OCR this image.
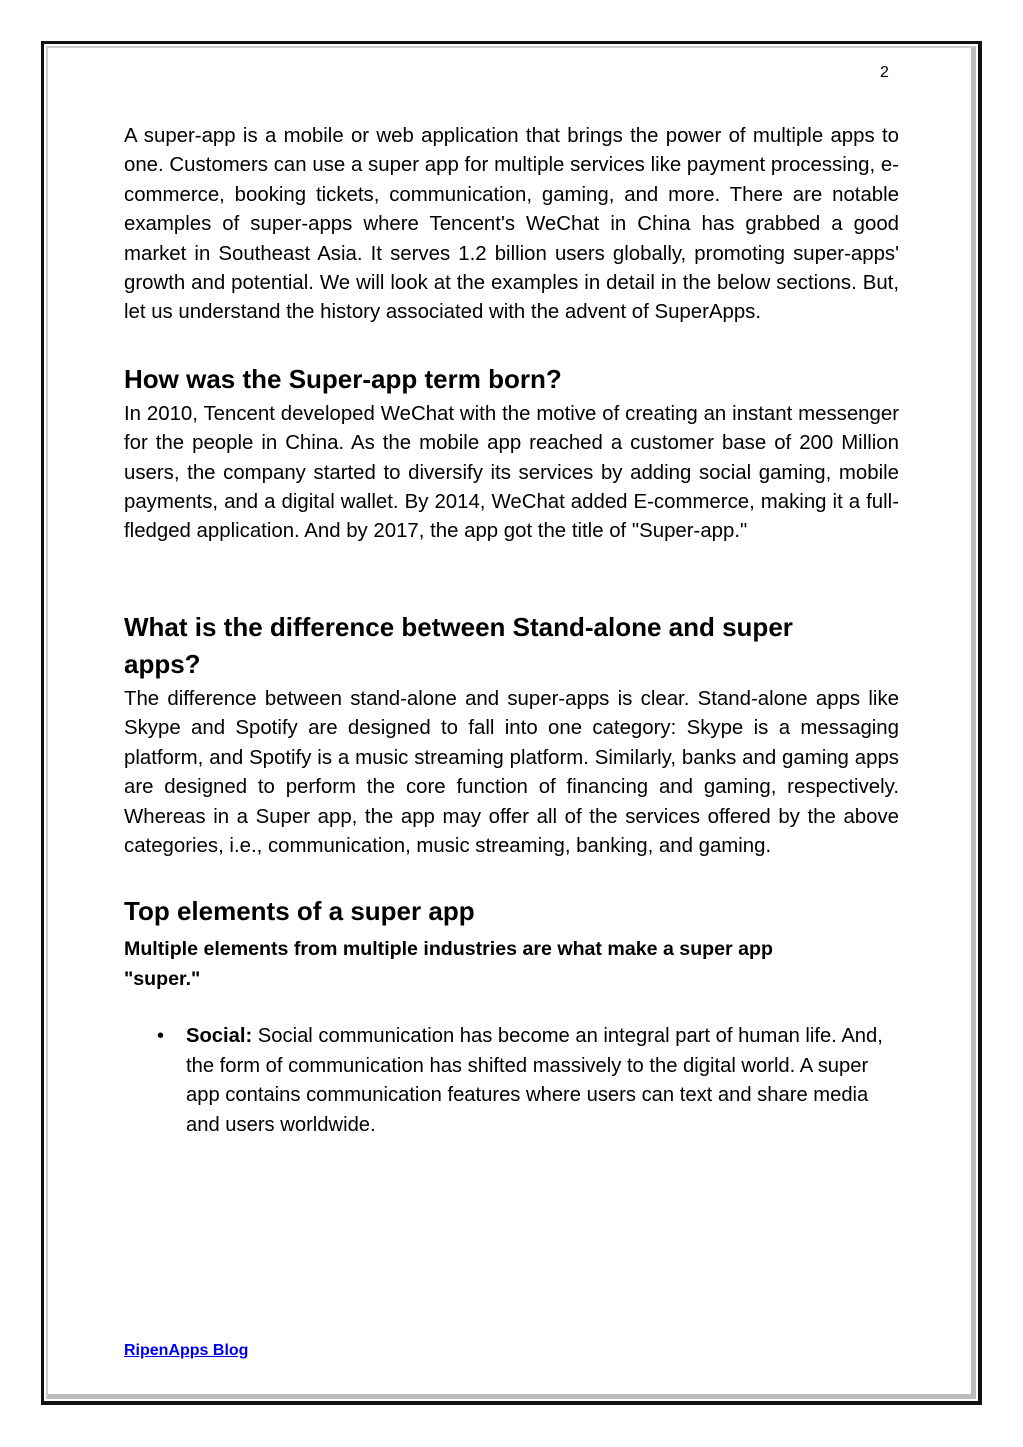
2

A super-app is a mobile or web application that brings the power of multiple apps to one. Customers can use a super app for multiple services like payment processing, e-commerce, booking tickets, communication, gaming, and more. There are notable examples of super-apps where Tencent's WeChat in China has grabbed a good market in Southeast Asia. It serves 1.2 billion users globally, promoting super-apps' growth and potential. We will look at the examples in detail in the below sections. But, let us understand the history associated with the advent of SuperApps.

How was the Super-app term born?

In 2010, Tencent developed WeChat with the motive of creating an instant messenger for the people in China. As the mobile app reached a customer base of 200 Million users, the company started to diversify its services by adding social gaming, mobile payments, and a digital wallet. By 2014, WeChat added E-commerce, making it a full-fledged application. And by 2017, the app got the title of "Super-app."

What is the difference between Stand-alone and super apps?

The difference between stand-alone and super-apps is clear. Stand-alone apps like Skype and Spotify are designed to fall into one category: Skype is a messaging platform, and Spotify is a music streaming platform. Similarly, banks and gaming apps are designed to perform the core function of financing and gaming, respectively. Whereas in a Super app, the app may offer all of the services offered by the above categories, i.e., communication, music streaming, banking, and gaming.

Top elements of a super app

Multiple elements from multiple industries are what make a super app "super."

• Social: Social communication has become an integral part of human life. And, the form of communication has shifted massively to the digital world. A super app contains communication features where users can text and share media and users worldwide.
RipenApps Blog
